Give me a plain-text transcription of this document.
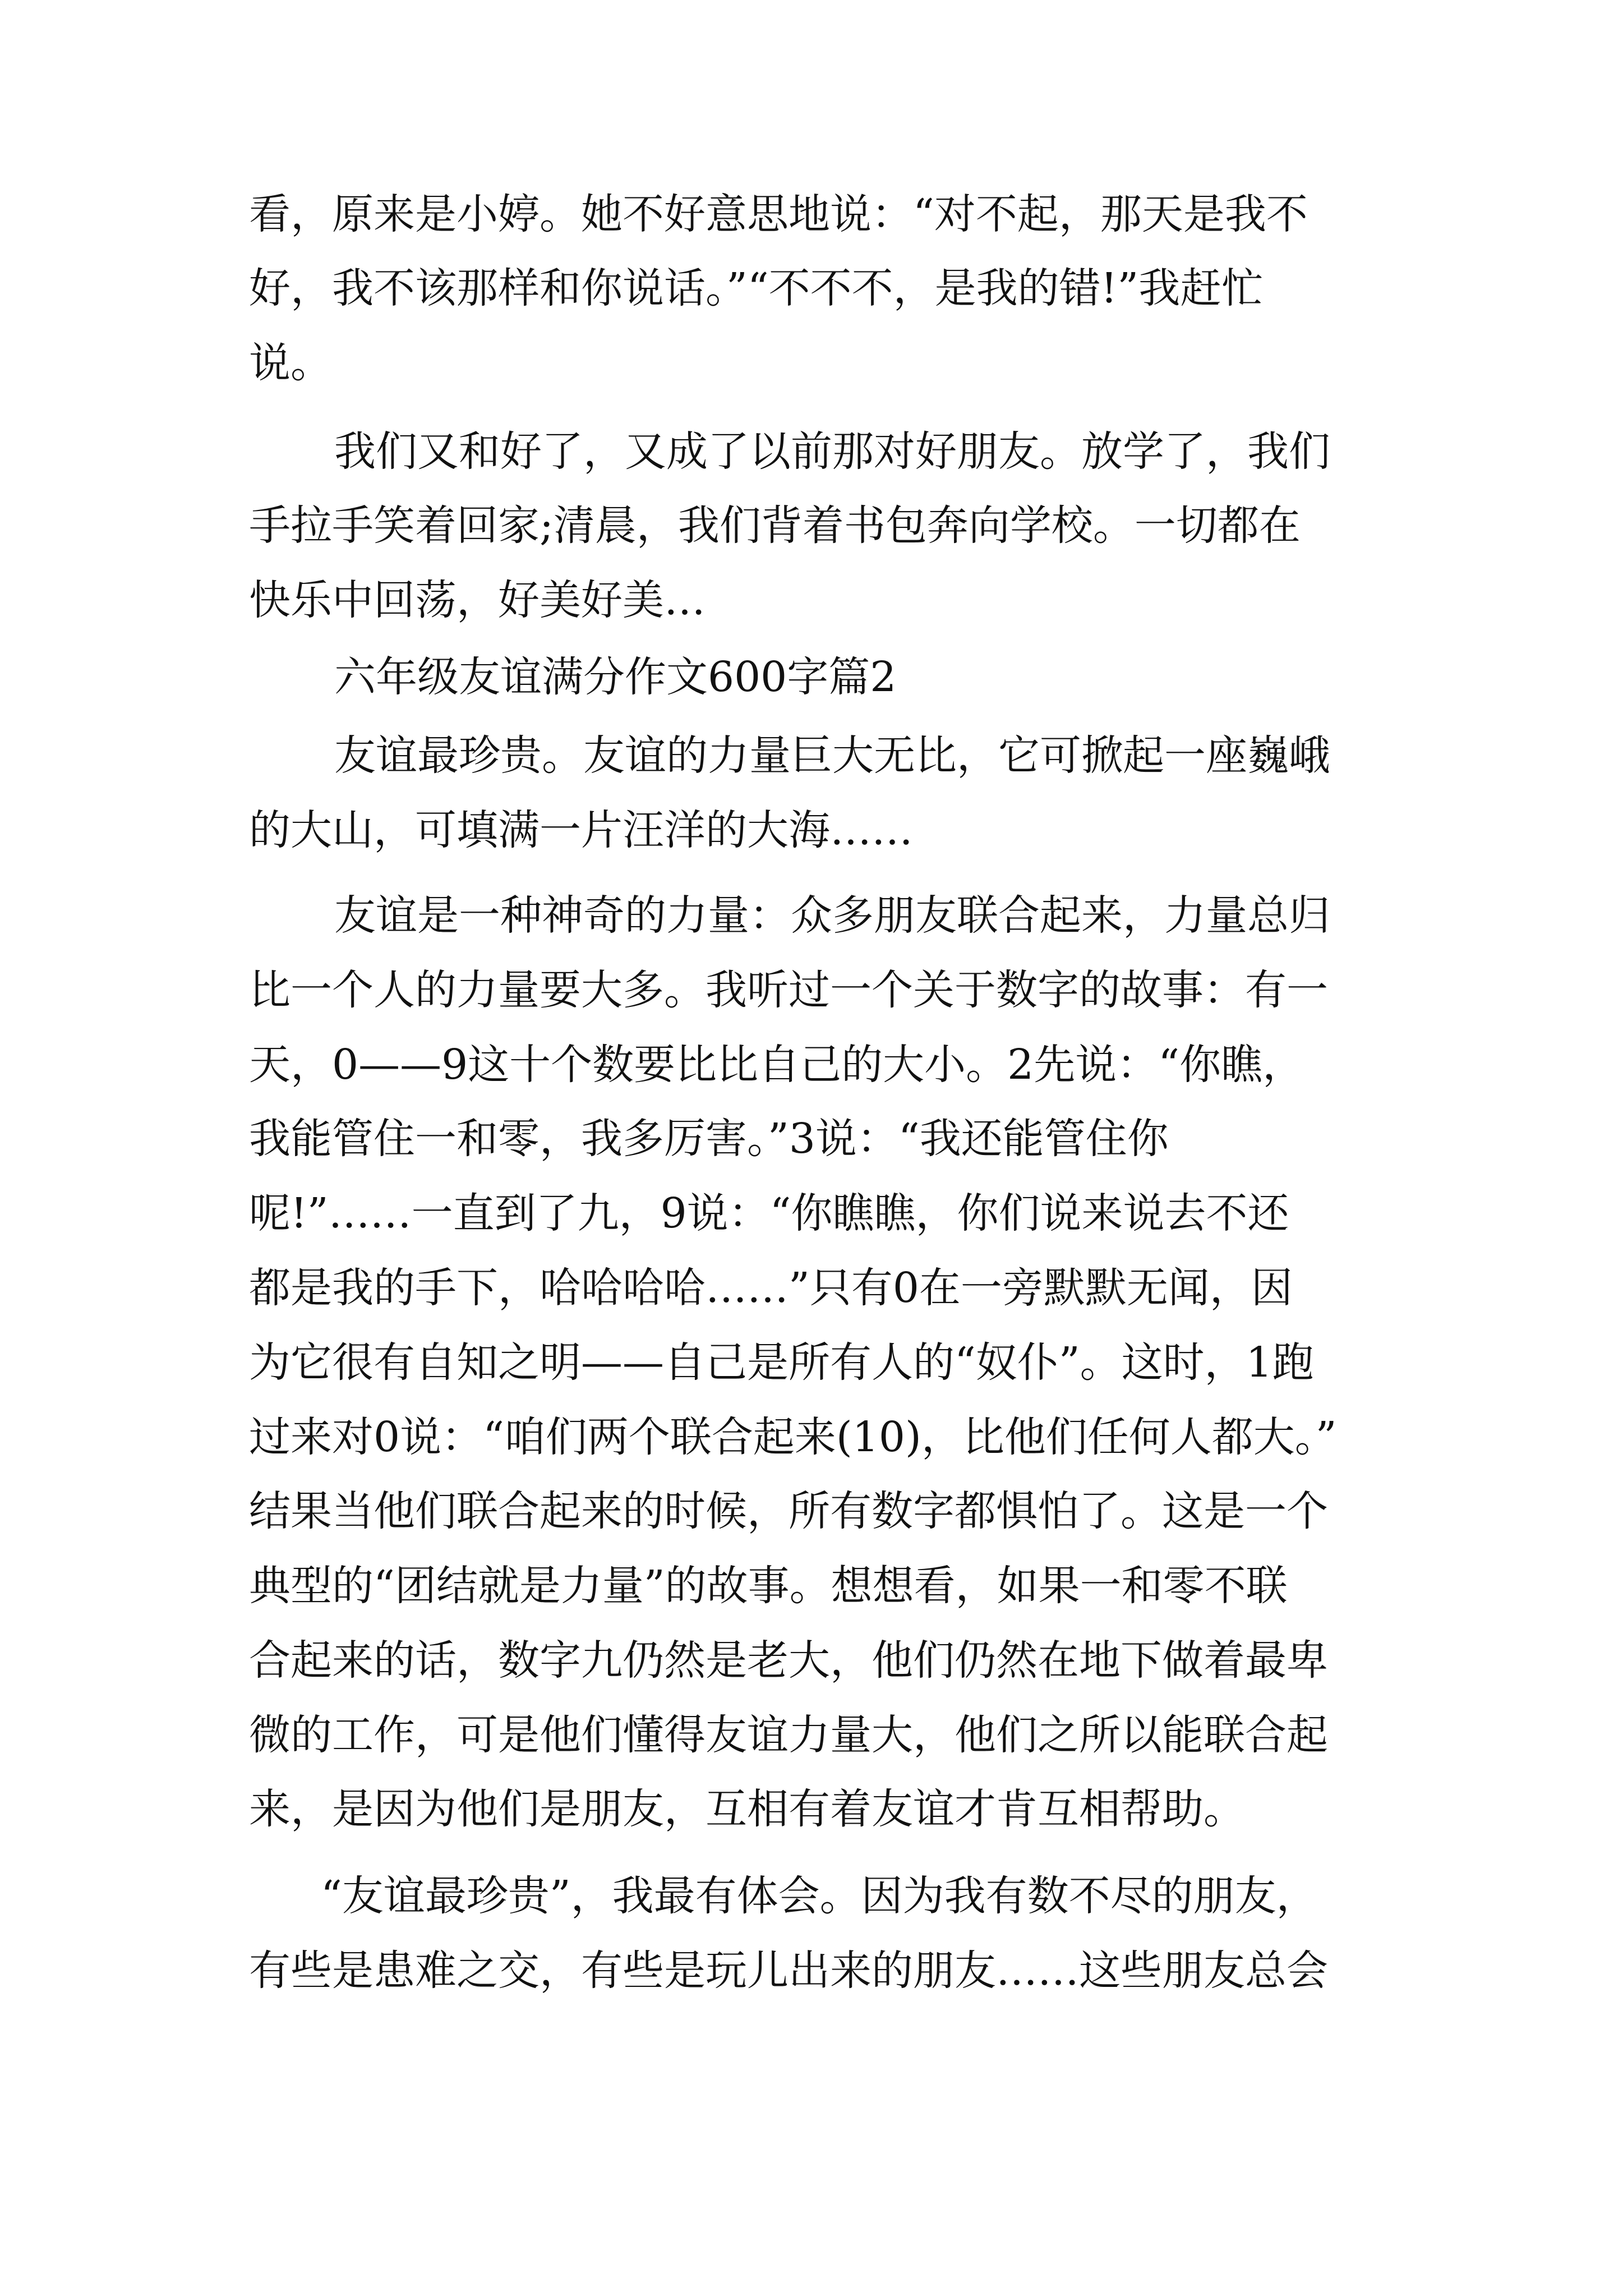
看，原来是小婷。她不好意思地说：“对不起，那天是我不
好，我不该那样和你说话。”“不不不，是我的错!”我赶忙
说。
我们又和好了，又成了以前那对好朋友。放学了，我们
手拉手笑着回家;清晨，我们背着书包奔向学校。一切都在
快乐中回荡，好美好美…
六年级友谊满分作文600字篇2
友谊最珍贵。友谊的力量巨大无比，它可掀起一座巍峨
的大山，可填满一片汪洋的大海……
友谊是一种神奇的力量：众多朋友联合起来，力量总归
比一个人的力量要大多。我听过一个关于数字的故事：有一
天，0——9这十个数要比比自己的大小。2先说：“你瞧，
我能管住一和零，我多厉害。”3说：“我还能管住你
呢!”……一直到了九，9说：“你瞧瞧，你们说来说去不还
都是我的手下，哈哈哈哈……”只有0在一旁默默无闻，因
为它很有自知之明——自己是所有人的“奴仆”。这时，1跑
过来对0说：“咱们两个联合起来(10)，比他们任何人都大。”
结果当他们联合起来的时候，所有数字都惧怕了。这是一个
典型的“团结就是力量”的故事。想想看，如果一和零不联
合起来的话，数字九仍然是老大，他们仍然在地下做着最卑
微的工作，可是他们懂得友谊力量大，他们之所以能联合起
来，是因为他们是朋友，互相有着友谊才肯互相帮助。
“友谊最珍贵”，我最有体会。因为我有数不尽的朋友，
有些是患难之交，有些是玩儿出来的朋友……这些朋友总会
